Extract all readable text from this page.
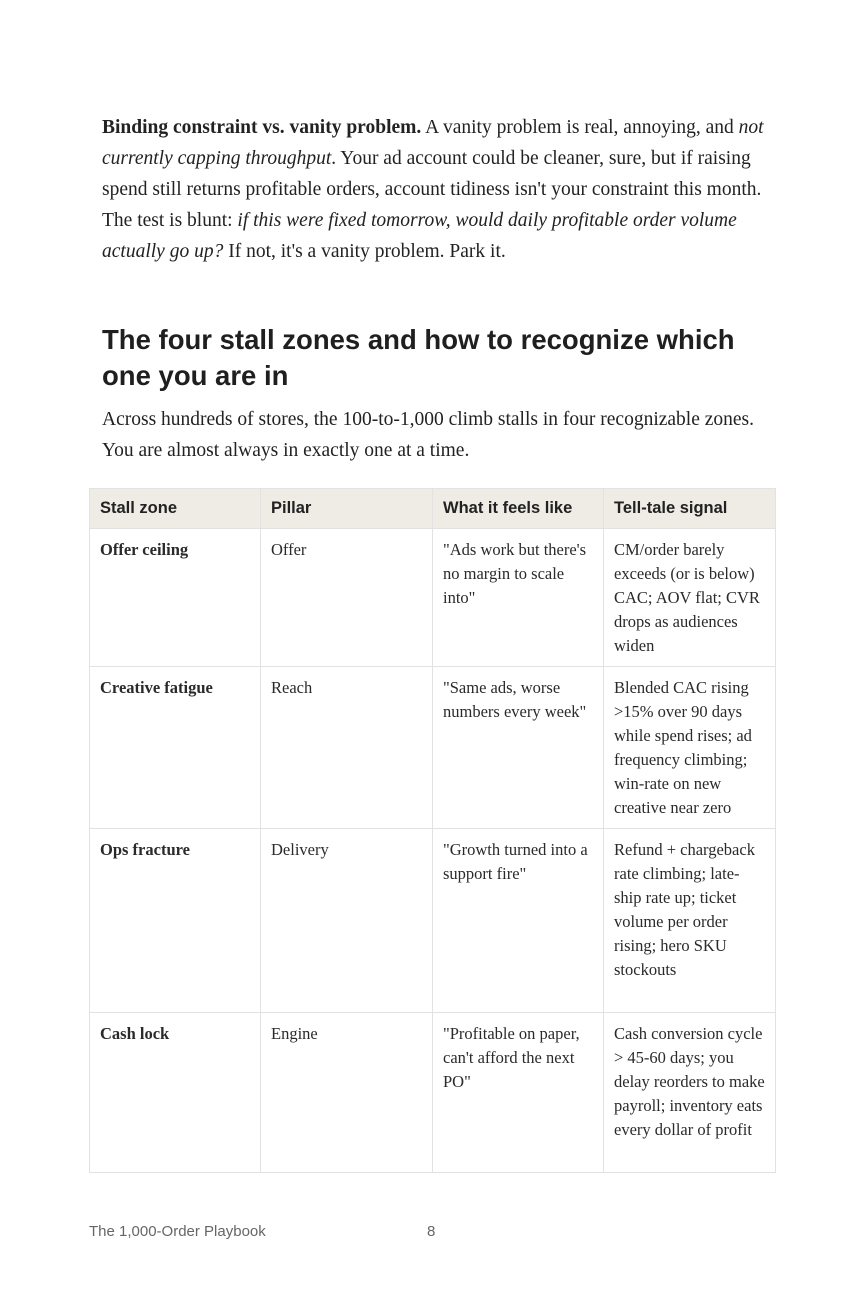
Binding constraint vs. vanity problem. A vanity problem is real, annoying, and not currently capping throughput. Your ad account could be cleaner, sure, but if raising spend still returns profitable orders, account tidiness isn't your constraint this month. The test is blunt: if this were fixed tomorrow, would daily profitable order volume actually go up? If not, it's a vanity problem. Park it.

The four stall zones and how to recognize which one you are in

Across hundreds of stores, the 100-to-1,000 climb stalls in four recognizable zones. You are almost always in exactly one at a time.

Stall zone	Pillar	What it feels like	Tell-tale signal
Offer ceiling	Offer	"Ads work but there's no margin to scale into"	CM/order barely exceeds (or is below) CAC; AOV flat; CVR drops as audiences widen
Creative fatigue	Reach	"Same ads, worse numbers every week"	Blended CAC rising >15% over 90 days while spend rises; ad frequency climbing; win-rate on new creative near zero
Ops fracture	Delivery	"Growth turned into a support fire"	Refund + chargeback rate climbing; late-ship rate up; ticket volume per order rising; hero SKU stockouts
Cash lock	Engine	"Profitable on paper, can't afford the next PO"	Cash conversion cycle > 45-60 days; you delay reorders to make payroll; inventory eats every dollar of profit
The 1,000-Order Playbook	8
